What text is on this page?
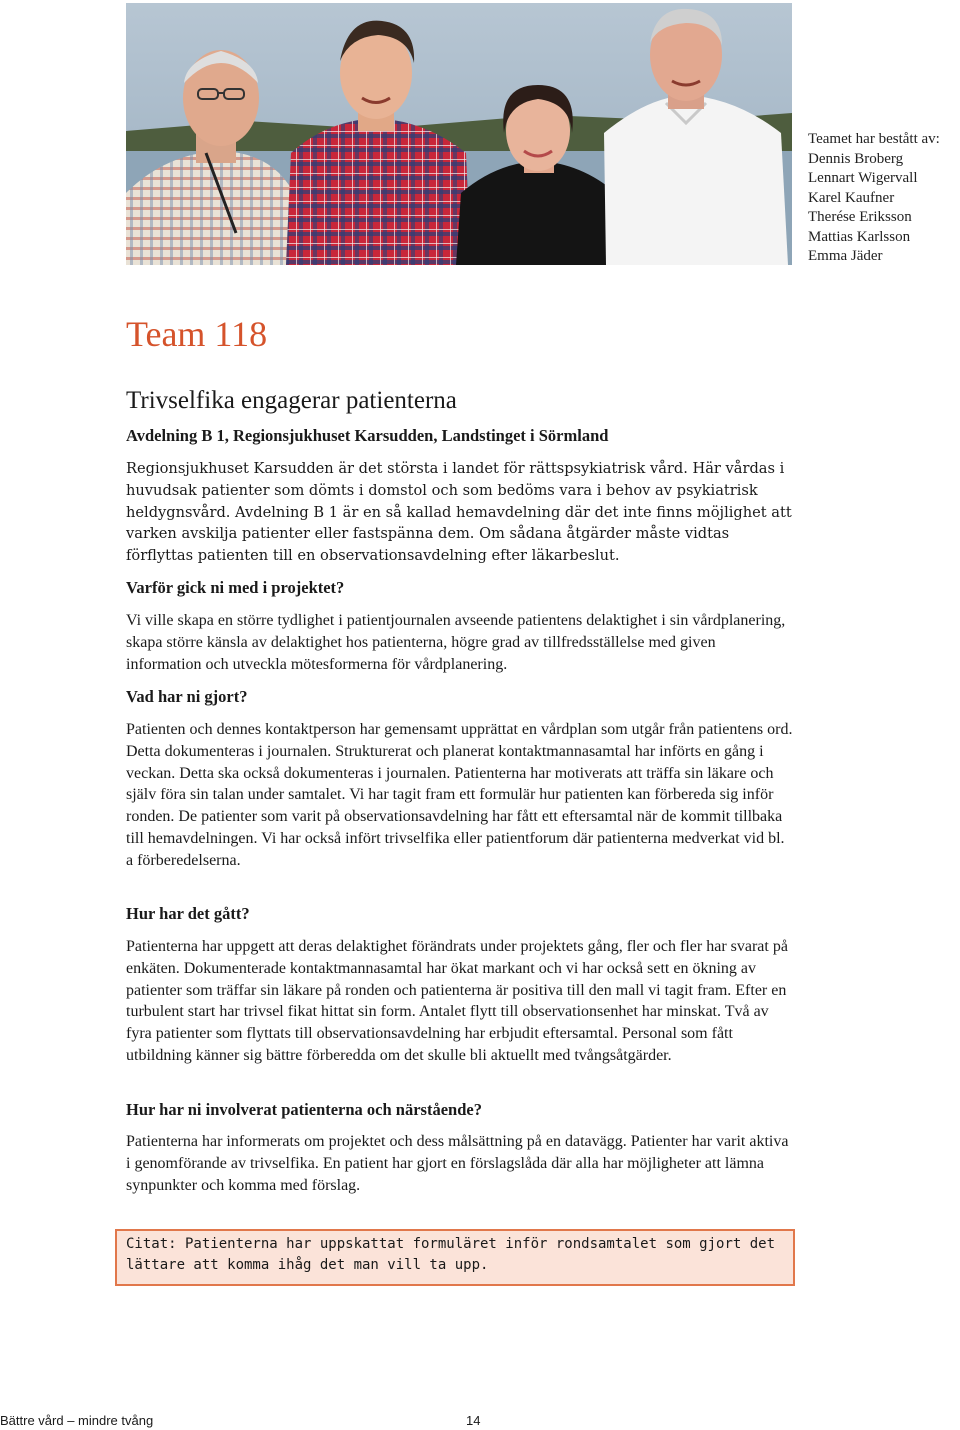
Teamet har bestått av:
Dennis Broberg
Lennart Wigervall
Karel Kaufner
Therése Eriksson
Mattias Karlsson
Emma Jäder
Team 118
Trivselfika engagerar patienterna
Avdelning B 1, Regionsjukhuset Karsudden, Landstinget i Sörmland

Regionsjukhuset Karsudden är det största i landet för rättspsykiatrisk vård. Här vårdas i huvudsak patienter som dömts i domstol och som bedöms vara i behov av psykiatrisk heldygnsvård. Avdelning B 1 är en så kallad hemavdelning där det inte finns möjlighet att varken avskilja patienter eller fastspänna dem. Om sådana åtgärder måste vidtas förflyttas patienten till en observationsavdelning efter läkarbeslut.

Varför gick ni med i projektet?

Vi ville skapa en större tydlighet i patientjournalen avseende patientens delaktighet i sin vårdplanering, skapa större känsla av delaktighet hos patienterna, högre grad av tillfredsställelse med given information och utveckla mötesformerna för vårdplanering.

Vad har ni gjort?

Patienten och dennes kontaktperson har gemensamt upprättat en vårdplan som utgår från patientens ord. Detta dokumenteras i journalen. Strukturerat och planerat kontaktmannasamtal har införts en gång i veckan. Detta ska också dokumenteras i journalen. Patienterna har motiverats att träffa sin läkare och själv föra sin talan under samtalet. Vi har tagit fram ett formulär hur patienten kan förbereda sig inför ronden. De patienter som varit på observationsavdelning har fått ett eftersamtal när de kommit tillbaka till hemavdelningen. Vi har också infört trivselfika eller patientforum där patienterna medverkat vid bl. a förberedelserna.

Hur har det gått?

Patienterna har uppgett att deras delaktighet förändrats under projektets gång, fler och fler har svarat på enkäten. Dokumenterade kontaktmannasamtal har ökat markant och vi har också sett en ökning av patienter som träffar sin läkare på ronden och patienterna är positiva till den mall vi tagit fram. Efter en turbulent start har trivsel fikat hittat sin form. Antalet flytt till observationsenhet har minskat. Två av fyra patienter som flyttats till observationsavdelning har erbjudit eftersamtal. Personal som fått utbildning känner sig bättre förberedda om det skulle bli aktuellt med tvångsåtgärder.

Hur har ni involverat patienterna och närstående?

Patienterna har informerats om projektet och dess målsättning på en datavägg. Patienter har varit aktiva i genomförande av trivselfika. En patient har gjort en förslagslåda där alla har möjligheter att lämna synpunkter och komma med förslag.

Citat: Patienterna har uppskattat formuläret inför rondsamtalet som gjort det lättare att komma ihåg det man vill ta upp.
Bättre vård – mindre tvång	14
